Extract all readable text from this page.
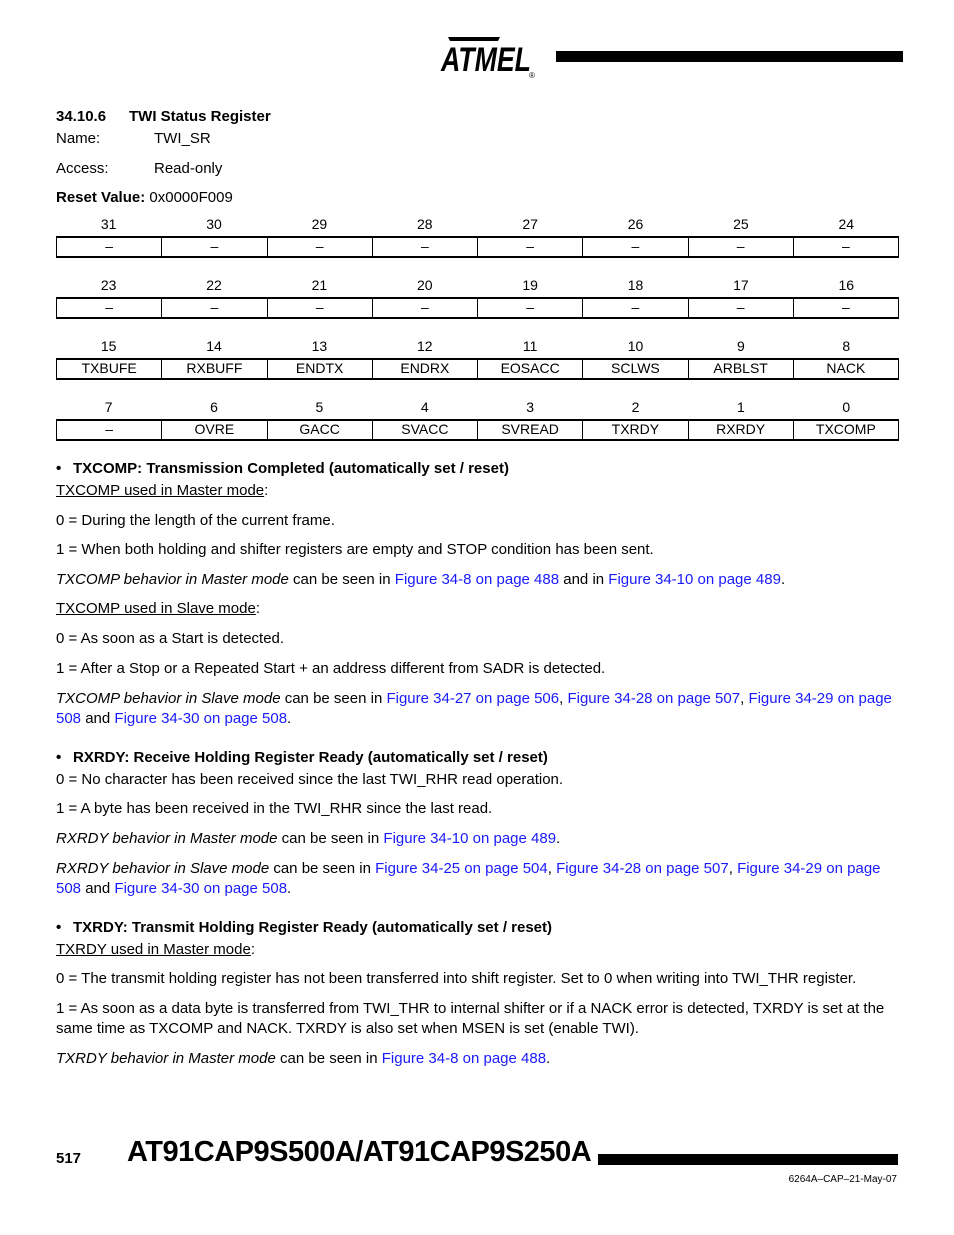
ATMEL
®
34.10.6 TWI Status Register
Name:	TWI_SR
Access:	Read-only
Reset Value: 0x0000F009
31	30	29	28	27	26	25	24
–	–	–	–	–	–	–	–
23	22	21	20	19	18	17	16
–	–	–	–	–	–	–	–
15	14	13	12	11	10	9	8
TXBUFE	RXBUFF	ENDTX	ENDRX	EOSACC	SCLWS	ARBLST	NACK
7	6	5	4	3	2	1	0
–	OVRE	GACC	SVACC	SVREAD	TXRDY	RXRDY	TXCOMP
• TXCOMP: Transmission Completed (automatically set / reset)
TXCOMP used in Master mode:
0 = During the length of the current frame.
1 = When both holding and shifter registers are empty and STOP condition has been sent.
TXCOMP behavior in Master mode can be seen in Figure 34-8 on page 488 and in Figure 34-10 on page 489.
TXCOMP used in Slave mode:
0 = As soon as a Start is detected.
1 = After a Stop or a Repeated Start + an address different from SADR is detected.
TXCOMP behavior in Slave mode can be seen in Figure 34-27 on page 506, Figure 34-28 on page 507, Figure 34-29 on page 508 and Figure 34-30 on page 508.
• RXRDY: Receive Holding Register Ready (automatically set / reset)
0 = No character has been received since the last TWI_RHR read operation.
1 = A byte has been received in the TWI_RHR since the last read.
RXRDY behavior in Master mode can be seen in Figure 34-10 on page 489.
RXRDY behavior in Slave mode can be seen in Figure 34-25 on page 504, Figure 34-28 on page 507, Figure 34-29 on page 508 and Figure 34-30 on page 508.
• TXRDY: Transmit Holding Register Ready (automatically set / reset)
TXRDY used in Master mode:
0 = The transmit holding register has not been transferred into shift register. Set to 0 when writing into TWI_THR register.
1 = As soon as a data byte is transferred from TWI_THR to internal shifter or if a NACK error is detected, TXRDY is set at the same time as TXCOMP and NACK. TXRDY is also set when MSEN is set (enable TWI).
TXRDY behavior in Master mode can be seen in Figure 34-8 on page 488.
517 AT91CAP9S500A/AT91CAP9S250A
6264A–CAP–21-May-07
